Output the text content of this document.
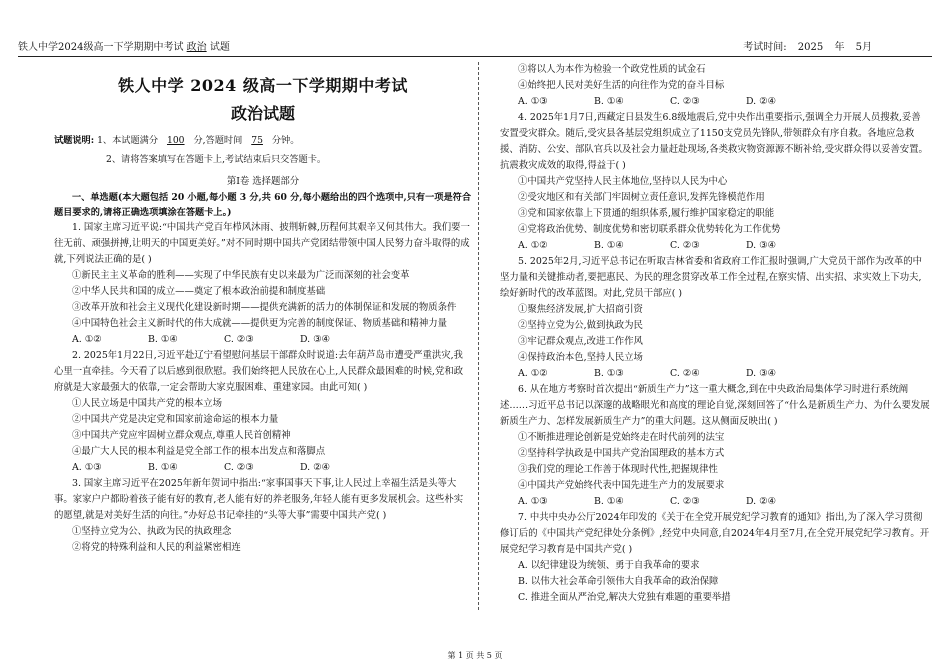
铁人中学2024级高一下学期期中考试 政治 试题	考试时间: 2025 年 5月
铁人中学 2024 级高一下学期期中考试
政治试题
试题说明: 1、本试题满分 100 分,答题时间 75 分钟。
2、请将答案填写在答题卡上,考试结束后只交答题卡。
第Ⅰ卷 选择题部分
一、单选题(本大题包括 20 小题,每小题 3 分,共 60 分,每小题给出的四个选项中,只有一项是符合题目要求的,请将正确选项填涂在答题卡上。)
1. 国家主席习近平说:“中国共产党百年栉风沐雨、披荆斩棘,历程何其艰辛又何其伟大。我们要一往无前、顽强拼搏,让明天的中国更美好。”对不同时期中国共产党团结带领中国人民努力奋斗取得的成就,下列说法正确的是( )
①新民主主义革命的胜利——实现了中华民族有史以来最为广泛而深刻的社会变革
②中华人民共和国的成立——奠定了根本政治前提和制度基础
③改革开放和社会主义现代化建设新时期——提供充满新的活力的体制保证和发展的物质条件
④中国特色社会主义新时代的伟大成就——提供更为完善的制度保证、物质基础和精神力量
A. ①②	B. ①④	C. ②③	D. ③④
2. 2025年1月22日,习近平赴辽宁看望慰问基层干部群众时说道:去年葫芦岛市遭受严重洪灾,我心里一直牵挂。今天看了以后感到很欣慰。我们始终把人民放在心上,人民群众最困难的时候,党和政府就是大家最强大的依靠,一定会帮助大家克服困难、重建家园。由此可知( )
①人民立场是中国共产党的根本立场
②中国共产党是决定党和国家前途命运的根本力量
③中国共产党应牢固树立群众观点,尊重人民首创精神
④最广大人民的根本利益是党全部工作的根本出发点和落脚点
A. ①③	B. ①④	C. ②③	D. ②④
3. 国家主席习近平在2025年新年贺词中指出:“家事国事天下事,让人民过上幸福生活是头等大事。家家户户都盼着孩子能有好的教育,老人能有好的养老服务,年轻人能有更多发展机会。这些朴实的愿望,就是对美好生活的向往。”办好总书记牵挂的“头等大事”需要中国共产党( )
①坚持立党为公、执政为民的执政理念
②将党的特殊利益和人民的利益紧密相连
③将以人为本作为检验一个政党性质的试金石
④始终把人民对美好生活的向往作为党的奋斗目标
A. ①③	B. ①④	C. ②③	D. ②④
4. 2025年1月7日,西藏定日县发生6.8级地震后,党中央作出重要指示,强调全力开展人员搜救,妥善安置受灾群众。随后,受灾县各基层党组织成立了1150支党员先锋队,带领群众有序自救。各地应急救援、消防、公安、部队官兵以及社会力量赶赴现场,各类救灾物资源源不断补给,受灾群众得以妥善安置。抗震救灾成效的取得,得益于( )
①中国共产党坚持人民主体地位,坚持以人民为中心
②受灾地区和有关部门牢固树立责任意识,发挥先锋模范作用
③党和国家依靠上下贯通的组织体系,履行维护国家稳定的职能
④党将政治优势、制度优势和密切联系群众优势转化为工作优势
A. ①②	B. ①④	C. ②③	D. ③④
5. 2025年2月,习近平总书记在听取吉林省委和省政府工作汇报时强调,广大党员干部作为改革的中坚力量和关键推动者,要把惠民、为民的理念贯穿改革工作全过程,在察实情、出实招、求实效上下功夫,绘好新时代的改革蓝图。对此,党员干部应( )
①聚焦经济发展,扩大招商引资
②坚持立党为公,做到执政为民
③牢记群众观点,改进工作作风
④保持政治本色,坚持人民立场
A. ①②	B. ①③	C. ②④	D. ③④
6. 从在地方考察时首次提出“新质生产力”这一重大概念,到在中央政治局集体学习时进行系统阐述……习近平总书记以深邃的战略眼光和高度的理论自觉,深刻回答了“什么是新质生产力、为什么要发展新质生产力、怎样发展新质生产力”的重大问题。这从侧面反映出( )
①不断推进理论创新是党始终走在时代前列的法宝
②坚持科学执政是中国共产党治国理政的基本方式
③我们党的理论工作善于体现时代性,把握规律性
④中国共产党始终代表中国先进生产力的发展要求
A. ①③	B. ①④	C. ②③	D. ②④
7. 中共中央办公厅2024年印发的《关于在全党开展党纪学习教育的通知》指出,为了深入学习贯彻修订后的《中国共产党纪律处分条例》,经党中央同意,自2024年4月至7月,在全党开展党纪学习教育。开展党纪学习教育是中国共产党( )
A. 以纪律建设为统领、勇于自我革命的要求
B. 以伟大社会革命引领伟大自我革命的政治保障
C. 推进全面从严治党,解决大党独有难题的重要举措
第 1 页 共 5 页
